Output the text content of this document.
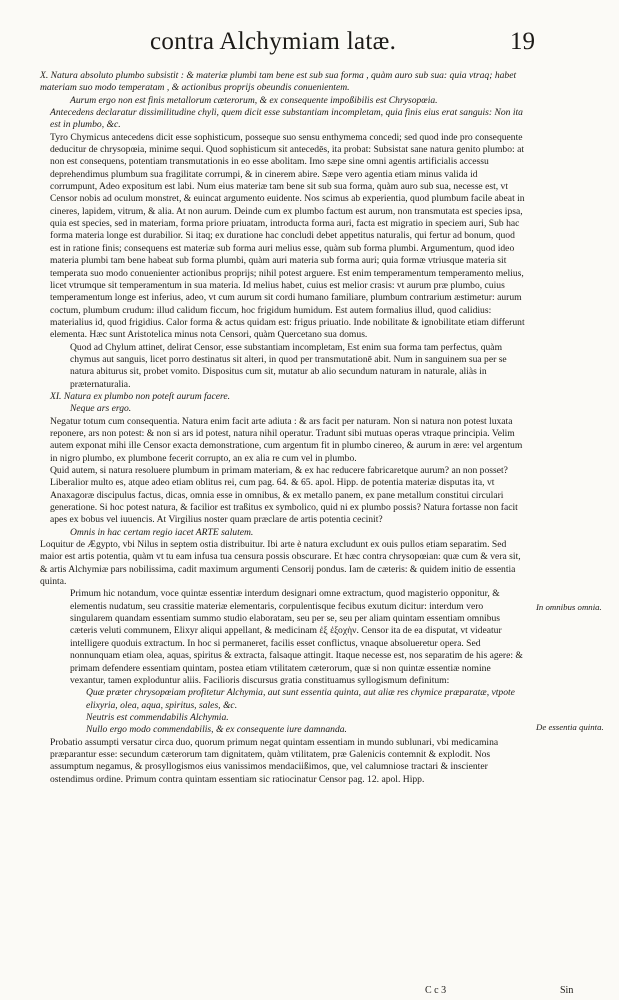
contra Alchymiam latæ.	19

X. Natura absoluto plumbo subsistit : & materiæ plumbi tam bene est sub sua forma , quàm auro sub sua: quia vtraq; habet materiam suo modo temperatam , & actionibus proprijs obeundis conuenientem.

Aurum ergo non est finis metallorum cæterorum, & ex consequente impoßibilis est Chrysopœia.

Antecedens declaratur dissimilitudine chyli, quem dicit esse substantiam incompletam, quia finis eius erat sanguis: Non ita est in plumbo, &c.

Tyro Chymicus antecedens dicit esse sophisticum, posseque suo sensu enthymema concedi; sed quod inde pro consequente deducitur de chrysopœia, minime sequi. Quod sophisticum sit antecedēs, ita probat: Subsistat sane natura genito plumbo: at non est consequens, potentiam transmutationis in eo esse abolitam. Imo sæpe sine omni agentis artificialis accessu deprehendimus plumbum sua fragilitate corrumpi, & in cinerem abire. Sæpe vero agentia etiam minus valida id corrumpunt, Adeo expositum est labi. Num eius materiæ tam bene sit sub sua forma, quàm auro sub sua, necesse est, vt Censor nobis ad oculum monstret, & euincat argumento euidente. Nos scimus ab experientia, quod plumbum facile abeat in cineres, lapidem, vitrum, & alia. At non aurum. Deinde cum ex plumbo factum est aurum, non transmutata est species ipsa, quia est species, sed in materiam, forma priore priuatam, introducta forma auri, facta est migratio in speciem auri, Sub hac forma materia longe est durabilior. Si itaq; ex duratione hac concludi debet appetitus naturalis, qui fertur ad bonum, quod est in ratione finis; consequens est materiæ sub forma auri melius esse, quàm sub forma plumbi. Argumentum, quod ideo materia plumbi tam bene habeat sub forma plumbi, quàm auri materia sub forma auri; quia formæ vtriusque materia sit temperata suo modo conuenienter actionibus proprijs; nihil potest arguere. Est enim temperamentum temperamento melius, licet vtrumque sit temperamentum in sua materia. Id melius habet, cuius est melior crasis: vt aurum præ plumbo, cuius temperamentum longe est inferius, adeo, vt cum aurum sit cordi humano familiare, plumbum contrarium æstimetur: aurum coctum, plumbum crudum: illud calidum ficcum, hoc frigidum humidum. Est autem formalius illud, quod calidius: materialius id, quod frigidius. Calor forma & actus quidam est: frigus priuatio. Inde nobilitate & ignobilitate etiam differunt elementa. Hæc sunt Aristotelica minus nota Censori, quàm Quercetano sua domus.

Quod ad Chylum attinet, delirat Censor, esse substantiam incompletam, Est enim sua forma tam perfectus, quàm chymus aut sanguis, licet porro destinatus sit alteri, in quod per transmutationē abit. Num in sanguinem sua per se natura abiturus sit, probet vomito. Dispositus cum sit, mutatur ab alio secundum naturam in naturale, aliàs in præternaturalia.

XI. Natura ex plumbo non poteſt aurum facere.

Neque ars ergo.

Negatur totum cum consequentia. Natura enim facit arte adiuta : & ars facit per naturam. Non si natura non potest luxata reponere, ars non potest: & non si ars id potest, natura nihil operatur. Tradunt sibi mutuas operas vtraque principia. Velim autem exponat mihi ille Censor exacta demonstratione, cum argentum fit in plumbo cinereo, & aurum in ære: vel argentum in nigro plumbo, ex plumbone fecerit corrupto, an ex alia re cum vel in plumbo.

Quid autem, si natura resoluere plumbum in primam materiam, & ex hac reducere fabricaretque aurum? an non posset? Liberalior multo es, atque adeo etiam oblitus rei, cum pag. 64. & 65. apol. Hipp. de potentia materiæ disputas ita, vt Anaxagoræ discipulus factus, dicas, omnia esse in omnibus, & ex metallo panem, ex pane metallum constitui circulari generatione. Si hoc potest natura, & facilior est traßitus ex symbolico, quid ni ex plumbo possis? Natura fortasse non facit apes ex bobus vel iuuencis. At Virgilius noster quam præclare de artis potentia cecinit?

Omnis in hac certam regio iacet ARTE salutem.

Loquitur de Ægypto, vbi Nilus in septem ostia distribuitur. Ibi arte è natura excludunt ex ouis pullos etiam separatim. Sed maior est artis potentia, quàm vt tu eam infusa tua censura possis obscurare. Et hæc contra chrysopœian: quæ cum & vera sit, & artis Alchymiæ pars nobilissima, cadit maximum argumenti Censorij pondus. Iam de cæteris: & quidem initio de essentia quinta.

Primum hic notandum, voce quintæ essentiæ interdum designari omne extractum, quod magisterio opponitur, & elementis nudatum, seu crassitie materiæ elementaris, corpulentisque fecibus exutum dicitur: interdum vero singularem quandam essentiam summo studio elaboratam, seu per se, seu per aliam quintam essentiam omnibus cæteris veluti communem, Elixyr aliqui appellant, & medicinam ἐξ ἐξοχὴν. Censor ita de ea disputat, vt videatur intelligere quoduis extractum. In hoc si permaneret, facilis esset conflictus, vnaque absolueretur opera. Sed nonnunquam etiam olea, aquas, spiritus & extracta, falsaque attingit. Itaque necesse est, nos separatim de his agere: & primam defendere essentiam quintam, postea etiam vtilitatem cæterorum, quæ si non quintæ essentiæ nomine vexantur, tamen exploduntur aliis. Facilioris discursus gratia constituamus syllogismum definitum:

Quæ præter chrysopœiam profitetur Alchymia, aut sunt essentia quinta, aut aliæ res chymice præparatæ, vtpote elixyria, olea, aqua, spiritus, sales, &c.

Neutris est commendabilis Alchymia.

Nullo ergo modo commendabilis, & ex consequente iure damnanda.

Probatio assumpti versatur circa duo, quorum primum negat quintam essentiam in mundo sublunari, vbi medicamina præparantur esse: secundum cæterorum tam dignitatem, quàm vtilitatem, præ Galenicis contemnit & explodit. Nos assumptum negamus, & prosyllogismos eius vanissimos mendaciißimos, que, vel calumniose tractari & inscienter ostendimus ordine. Primum contra quintam essentiam sic ratiocinatur Censor pag. 12. apol. Hipp.

In omnibus omnia.
De essentia quinta.
C c 3	Sin
